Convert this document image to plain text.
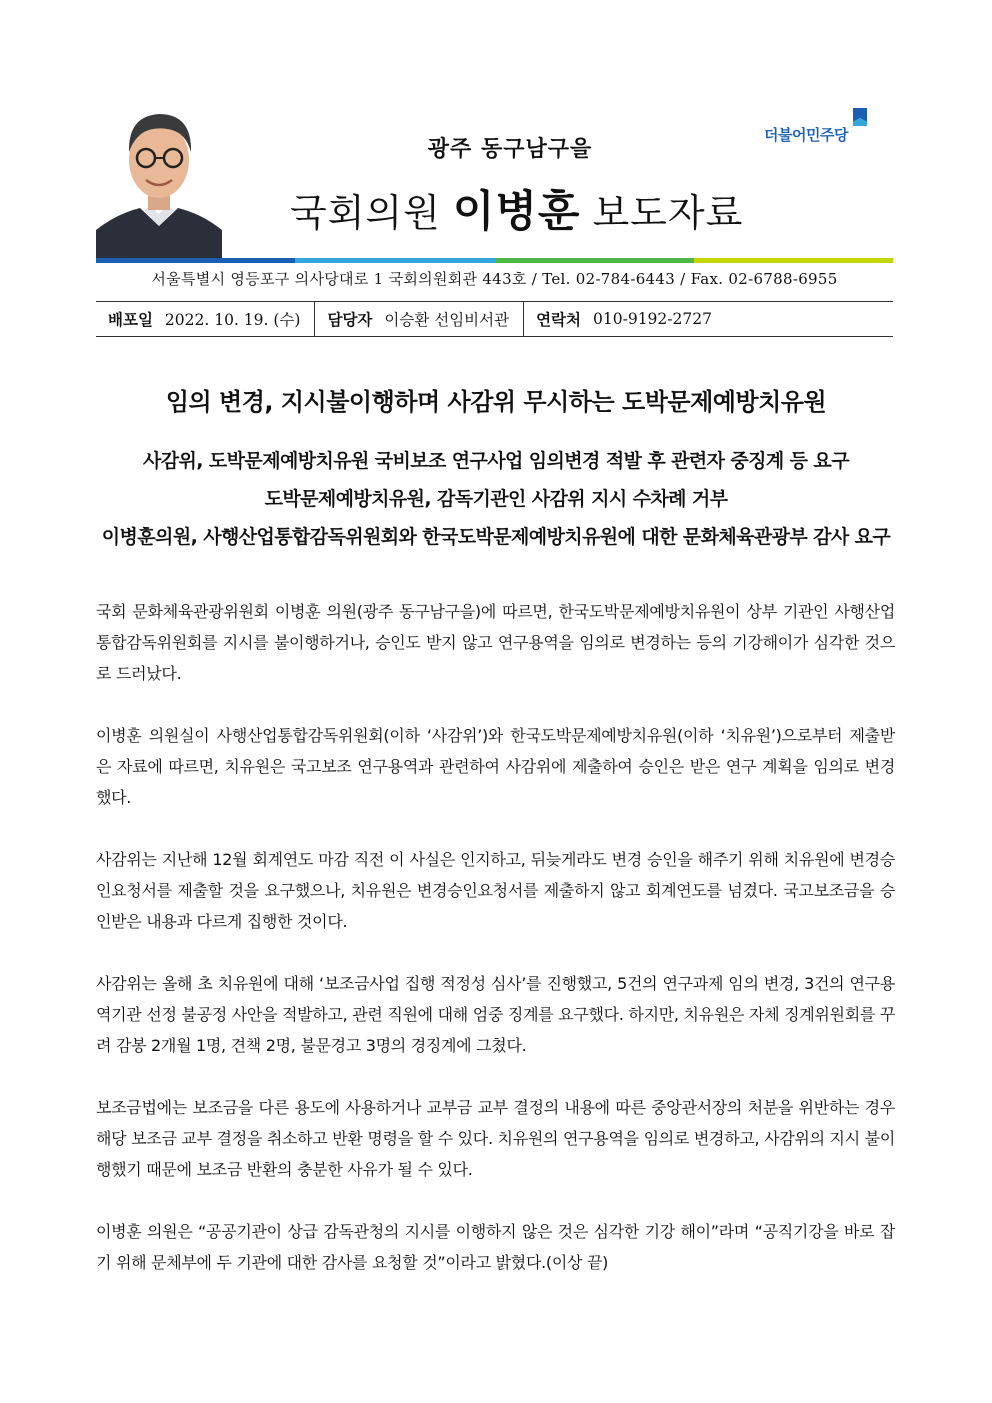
광주 동구남구을
국회의원 이병훈 보도자료
더불어민주당
서울특별시 영등포구 의사당대로 1 국회의원회관 443호 / Tel. 02-784-6443 / Fax. 02-6788-6955
배포일 2022. 10. 19. (수)	담당자 이승환 선임비서관	연락처 010-9192-2727
임의 변경, 지시불이행하며 사감위 무시하는 도박문제예방치유원
사감위, 도박문제예방치유원 국비보조 연구사업 임의변경 적발 후 관련자 중징계 등 요구
도박문제예방치유원, 감독기관인 사감위 지시 수차례 거부
이병훈의원, 사행산업통합감독위원회와 한국도박문제예방치유원에 대한 문화체육관광부 감사 요구

국회 문화체육관광위원회 이병훈 의원(광주 동구남구을)에 따르면, 한국도박문제예방치유원이 상부 기관인 사행산업통합감독위원회를 지시를 불이행하거나, 승인도 받지 않고 연구용역을 임의로 변경하는 등의 기강해이가 심각한 것으로 드러났다.

이병훈 의원실이 사행산업통합감독위원회(이하 ‘사감위’)와 한국도박문제예방치유원(이하 ‘치유원’)으로부터 제출받은 자료에 따르면, 치유원은 국고보조 연구용역과 관련하여 사감위에 제출하여 승인은 받은 연구 계획을 임의로 변경했다.

사감위는 지난해 12월 회계연도 마감 직전 이 사실은 인지하고, 뒤늦게라도 변경 승인을 해주기 위해 치유원에 변경승인요청서를 제출할 것을 요구했으나, 치유원은 변경승인요청서를 제출하지 않고 회계연도를 넘겼다. 국고보조금을 승인받은 내용과 다르게 집행한 것이다.

사감위는 올해 초 치유원에 대해 ‘보조금사업 집행 적정성 심사’를 진행했고, 5건의 연구과제 임의 변경, 3건의 연구용역기관 선정 불공정 사안을 적발하고, 관련 직원에 대해 엄중 징계를 요구했다. 하지만, 치유원은 자체 징계위원회를 꾸려 감봉 2개월 1명, 견책 2명, 불문경고 3명의 경징계에 그쳤다.

보조금법에는 보조금을 다른 용도에 사용하거나 교부금 교부 결정의 내용에 따른 중앙관서장의 처분을 위반하는 경우 해당 보조금 교부 결정을 취소하고 반환 명령을 할 수 있다. 치유원의 연구용역을 임의로 변경하고, 사감위의 지시 불이행했기 때문에 보조금 반환의 충분한 사유가 될 수 있다.

이병훈 의원은 “공공기관이 상급 감독관청의 지시를 이행하지 않은 것은 심각한 기강 해이”라며 “공직기강을 바로 잡기 위해 문체부에 두 기관에 대한 감사를 요청할 것”이라고 밝혔다.(이상 끝)
